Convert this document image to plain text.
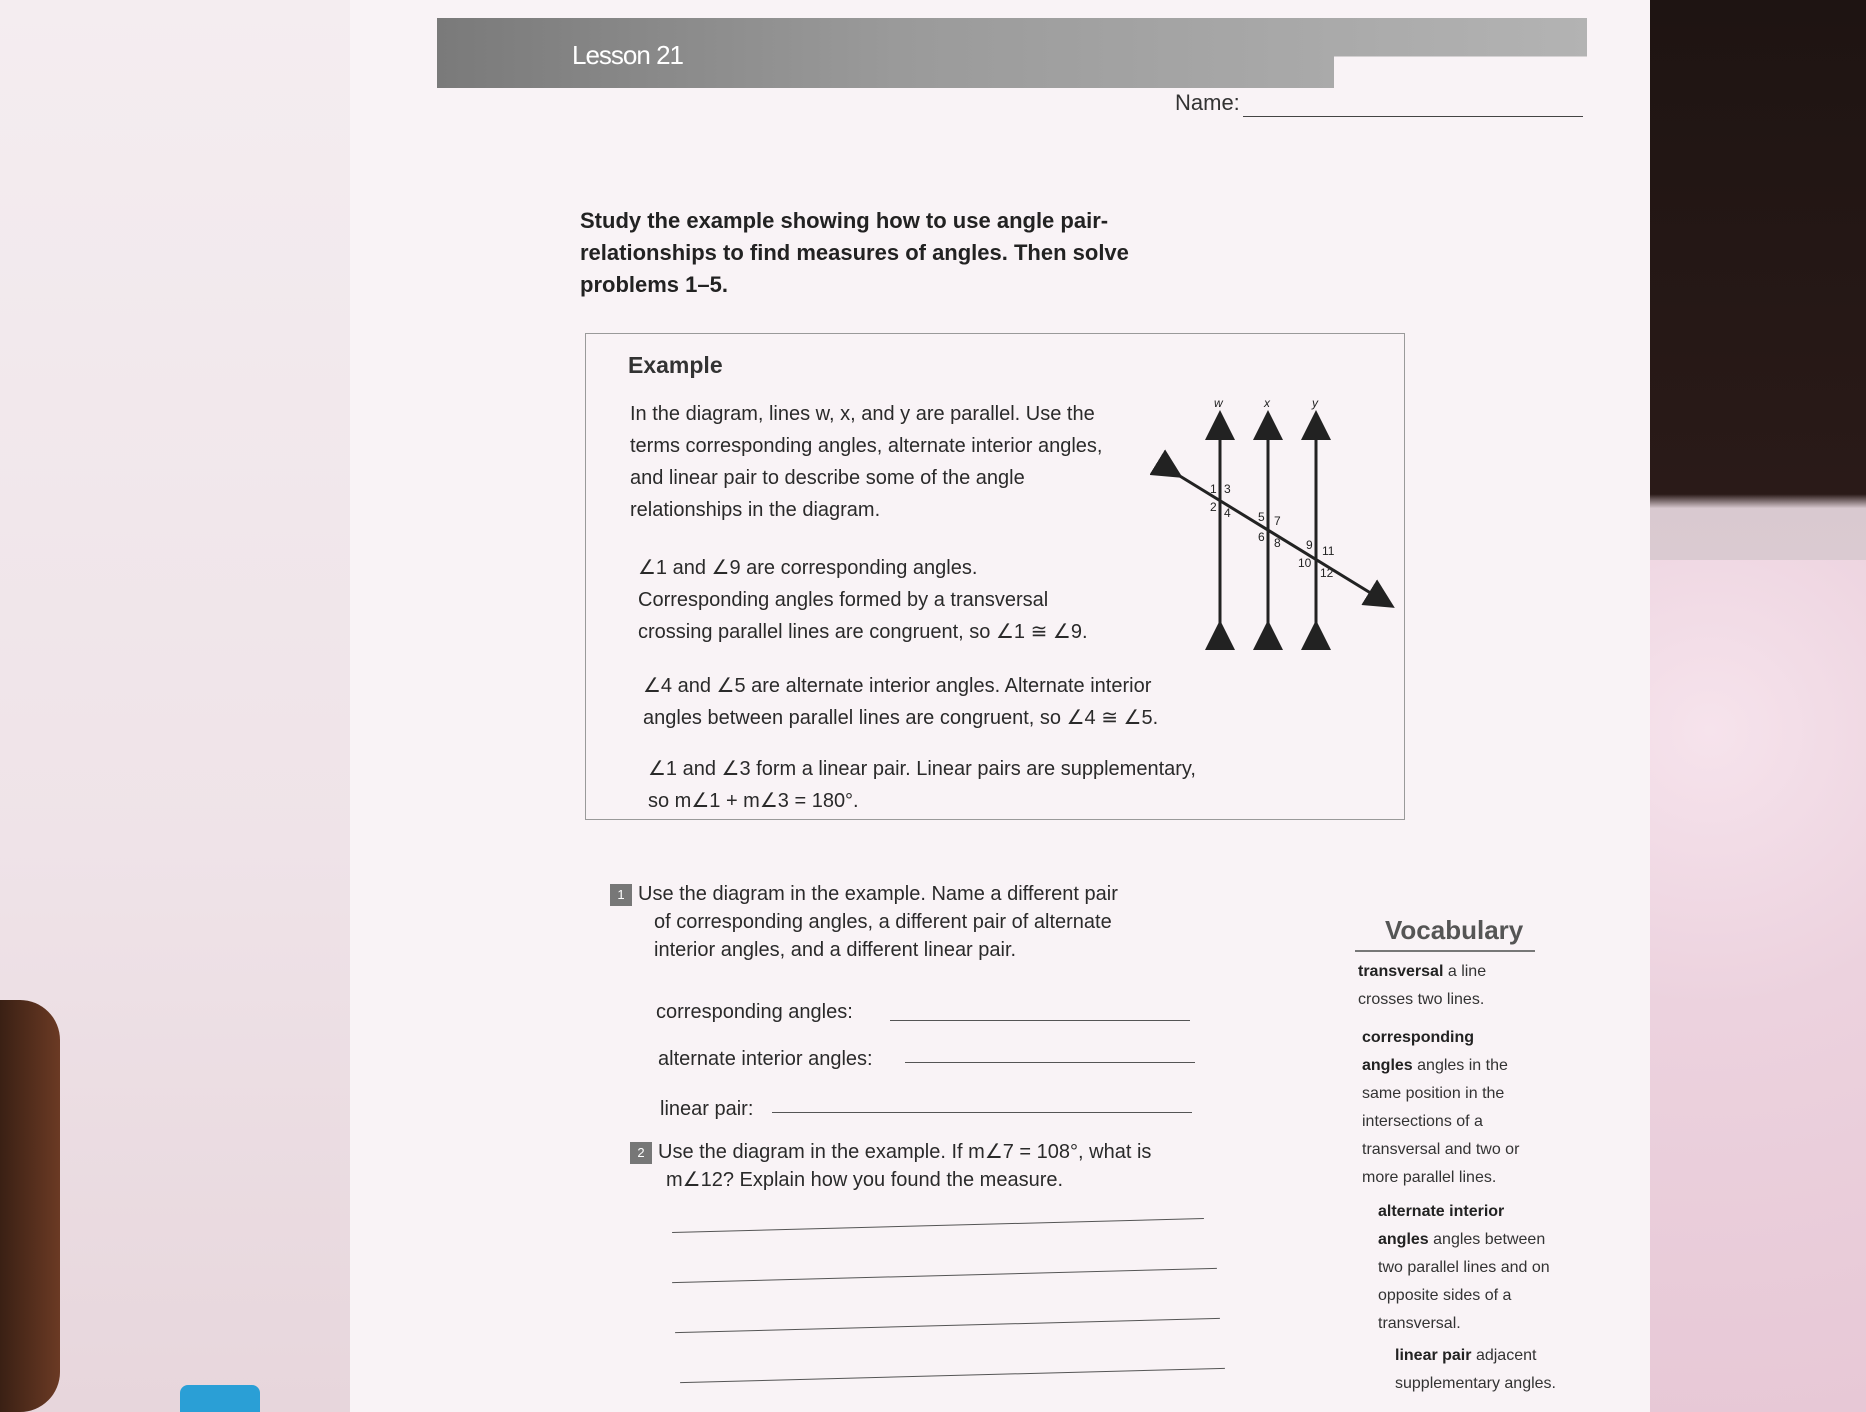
Lesson 21
Name:
Study the example showing how to use angle pair-
relationships to find measures of angles. Then solve
problems 1–5.
Example
In the diagram, lines w, x, and y are parallel. Use the
terms corresponding angles, alternate interior angles,
and linear pair to describe some of the angle
relationships in the diagram.
∠1 and ∠9 are corresponding angles.
Corresponding angles formed by a transversal
crossing parallel lines are congruent, so ∠1 ≅ ∠9.
∠4 and ∠5 are alternate interior angles. Alternate interior
angles between parallel lines are congruent, so ∠4 ≅ ∠5.
∠1 and ∠3 form a linear pair. Linear pairs are supplementary,
so m∠1 + m∠3 = 180°.
w	x	y
1
2
3
4 5
6
7
8 9
10
11
12
1 Use the diagram in the example. Name a different pair
of corresponding angles, a different pair of alternate
interior angles, and a different linear pair.
corresponding angles:
alternate interior angles:
linear pair:
2 Use the diagram in the example. If m∠7 = 108°, what is
m∠12? Explain how you found the measure.
Vocabulary
transversal a line
crosses two lines.
corresponding
angles angles in the
same position in the
intersections of a
transversal and two or
more parallel lines.
alternate interior
angles angles between
two parallel lines and on
opposite sides of a
transversal.
linear pair adjacent
supplementary angles.
